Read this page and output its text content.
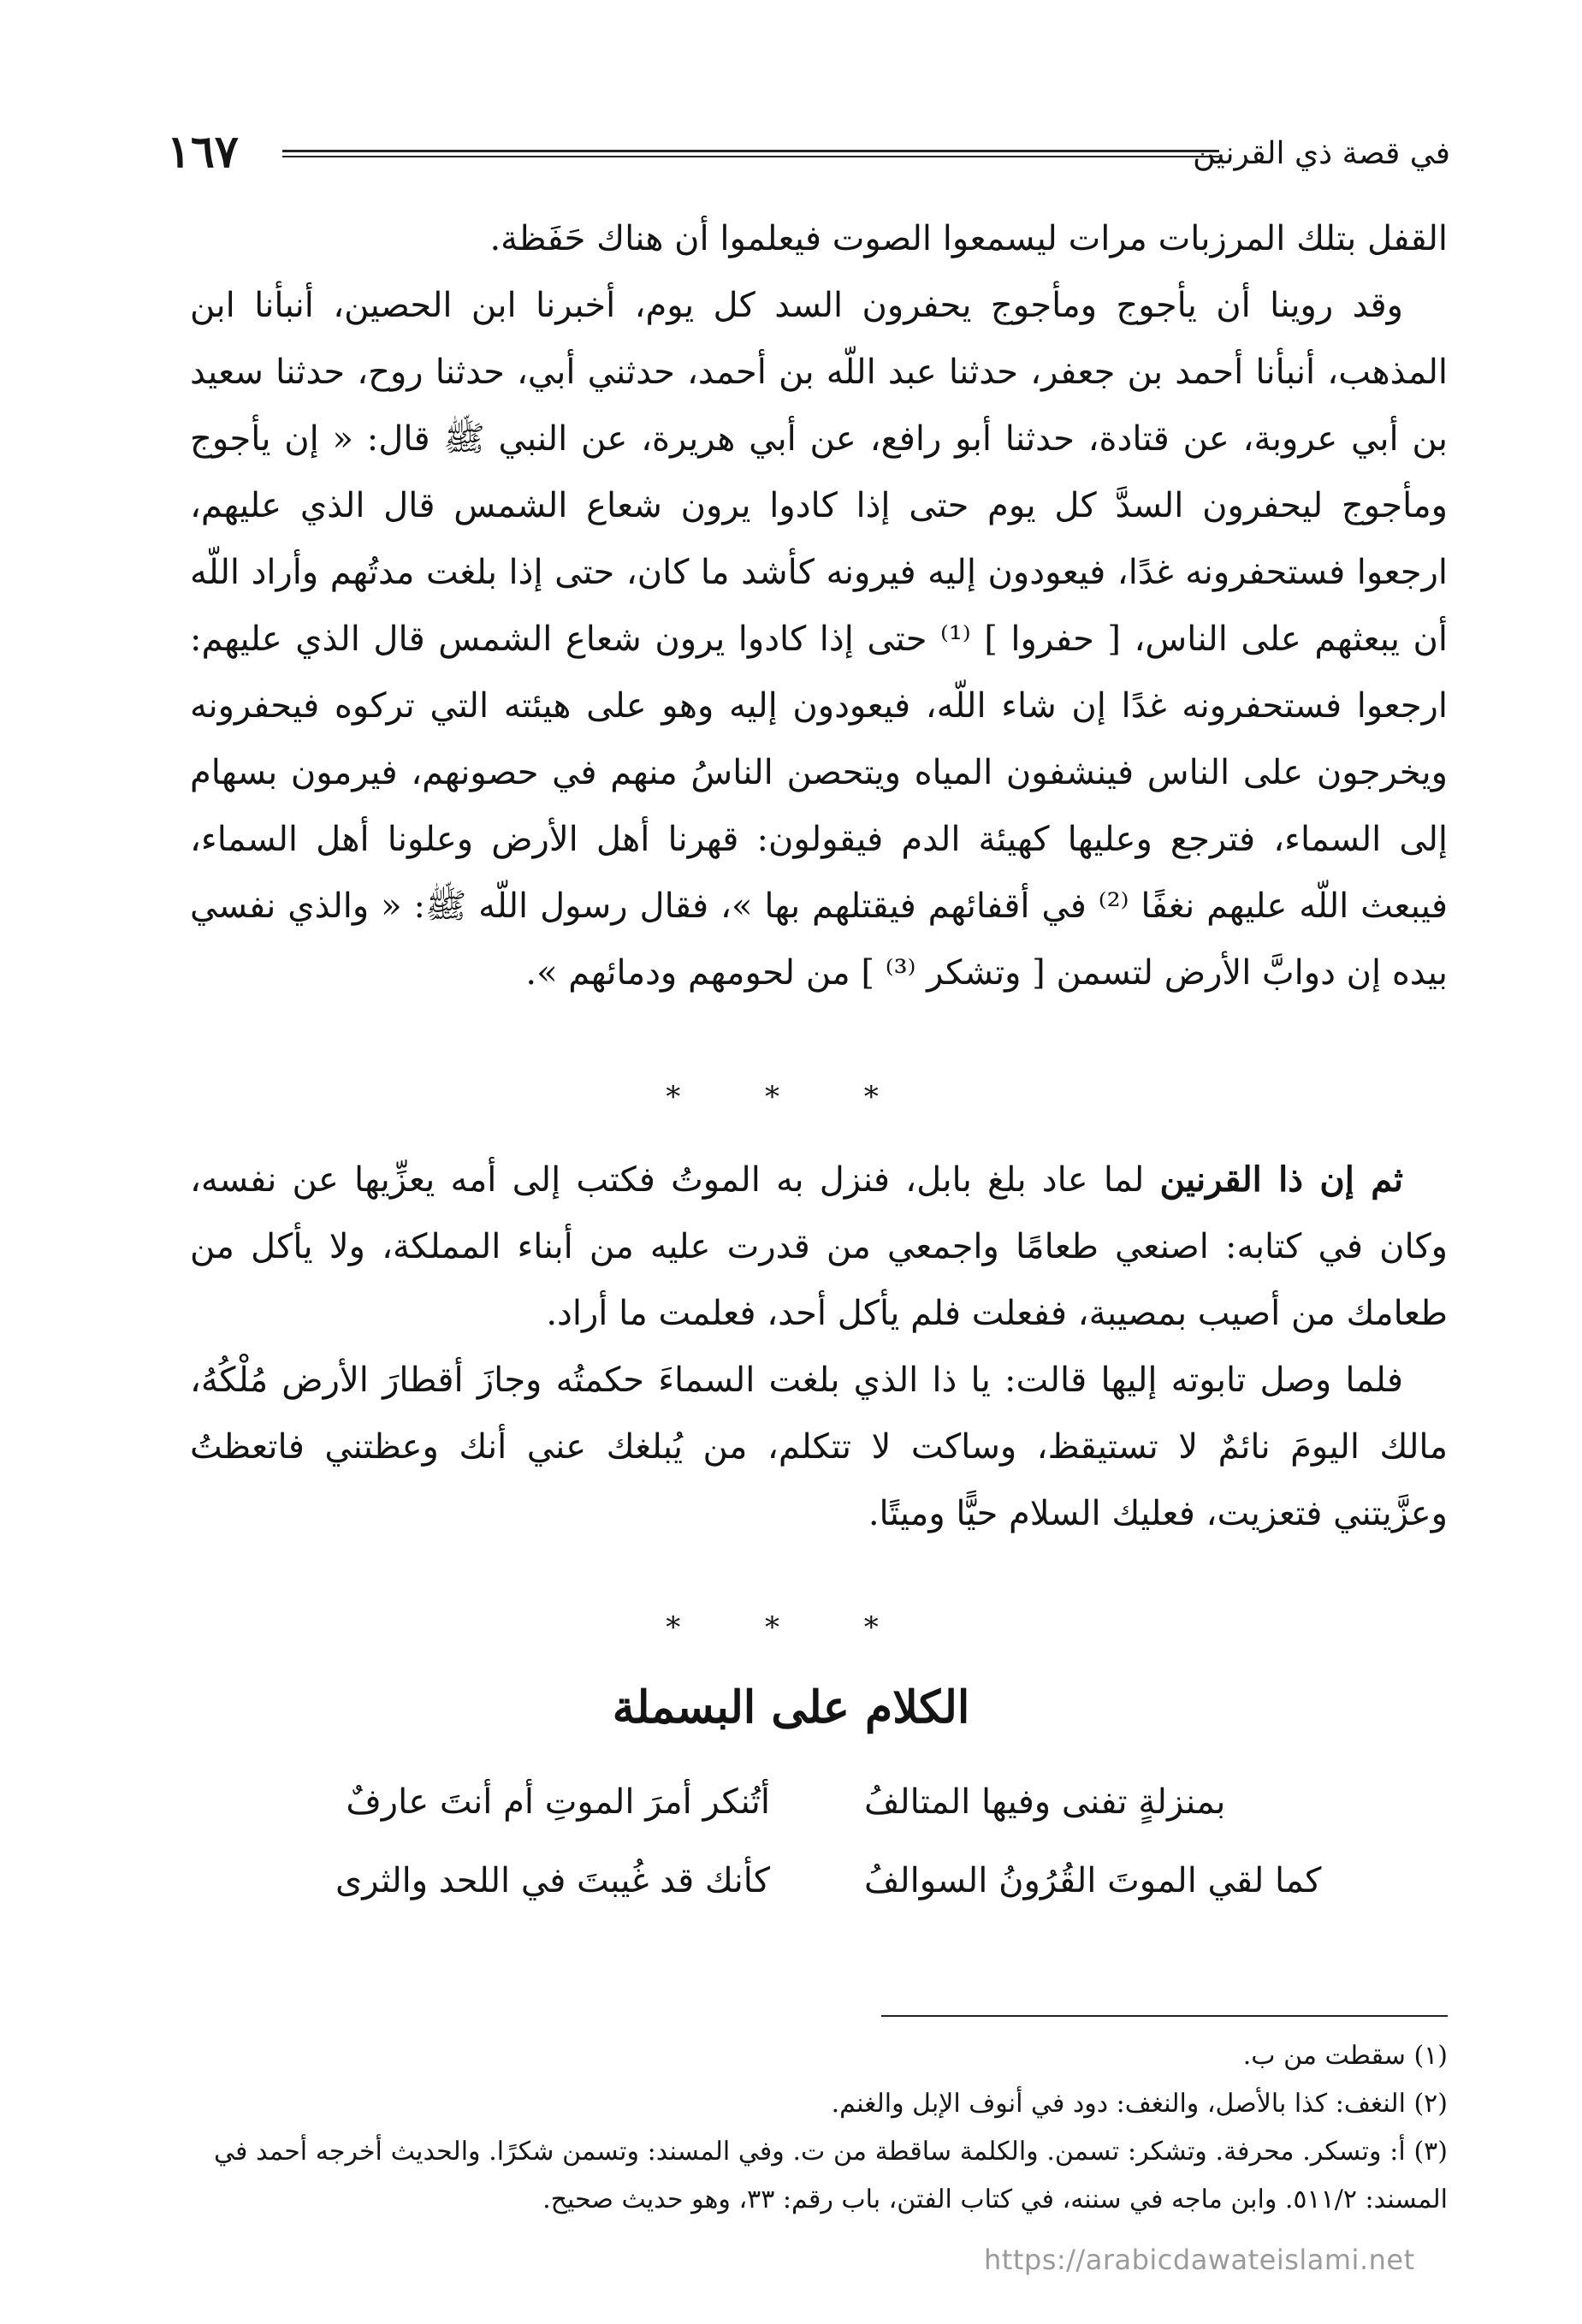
١٦٧	في قصة ذي القرنين

القفل بتلك المرزبات مرات ليسمعوا الصوت فيعلموا أن هناك حَفَظة.

وقد روينا أن يأجوج ومأجوج يحفرون السد كل يوم، أخبرنا ابن الحصين، أنبأنا ابن المذهب، أنبأنا أحمد بن جعفر، حدثنا عبد اللّه بن أحمد، حدثني أبي، حدثنا روح، حدثنا سعيد بن أبي عروبة، عن قتادة، حدثنا أبو رافع، عن أبي هريرة، عن النبي ﷺ قال: « إن يأجوج ومأجوج ليحفرون السدَّ كل يوم حتى إذا كادوا يرون شعاع الشمس قال الذي عليهم، ارجعوا فستحفرونه غدًا، فيعودون إليه فيرونه كأشد ما كان، حتى إذا بلغت مدتُهم وأراد اللّه أن يبعثهم على الناس، [ حفروا ] ⁽¹⁾ حتى إذا كادوا يرون شعاع الشمس قال الذي عليهم: ارجعوا فستحفرونه غدًا إن شاء اللّه، فيعودون إليه وهو على هيئته التي تركوه فيحفرونه ويخرجون على الناس فينشفون المياه ويتحصن الناسُ منهم في حصونهم، فيرمون بسهام إلى السماء، فترجع وعليها كهيئة الدم فيقولون: قهرنا أهل الأرض وعلونا أهل السماء، فيبعث اللّه عليهم نغفًا ⁽²⁾ في أقفائهم فيقتلهم بها »، فقال رسول اللّه ﷺ: « والذي نفسي بيده إن دوابَّ الأرض لتسمن [ وتشكر ⁽³⁾ ] من لحومهم ودمائهم ».

* * *

ثم إن ذا القرنين لما عاد بلغ بابل، فنزل به الموتُ فكتب إلى أمه يعزِّيها عن نفسه، وكان في كتابه: اصنعي طعامًا واجمعي من قدرت عليه من أبناء المملكة، ولا يأكل من طعامك من أصيب بمصيبة، ففعلت فلم يأكل أحد، فعلمت ما أراد.

فلما وصل تابوته إليها قالت: يا ذا الذي بلغت السماءَ حكمتُه وجازَ أقطارَ الأرض مُلْكُهُ، مالك اليومَ نائمٌ لا تستيقظ، وساكت لا تتكلم، من يُبلغك عني أنك وعظتني فاتعظتُ وعزَّيتني فتعزيت، فعليك السلام حيًّا وميتًا.

* * *
الكلام على البسملة
أتُنكر أمرَ الموتِ أم أنتَ عارفٌ	بمنزلةٍ تفنى وفيها المتالفُ
كأنك قد غُيبتَ في اللحد والثرى	كما لقي الموتَ القُرُونُ السوالفُ

(١) سقطت من ب.

(٢) النغف: كذا بالأصل، والنغف: دود في أنوف الإبل والغنم.

(٣) أ: وتسكر. محرفة. وتشكر: تسمن. والكلمة ساقطة من ت. وفي المسند: وتسمن شكرًا. والحديث أخرجه أحمد في المسند: ٥١١/٢. وابن ماجه في سننه، في كتاب الفتن، باب رقم: ٣٣، وهو حديث صحيح.

https://arabicdawateislami.net
